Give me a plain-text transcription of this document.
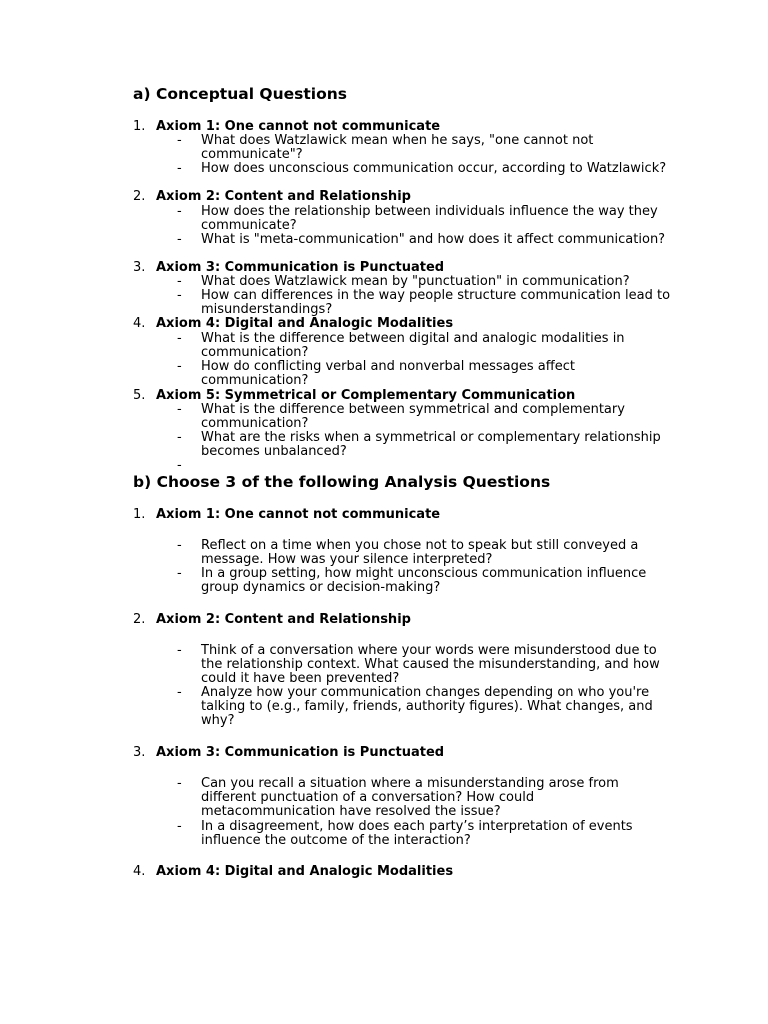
a) Conceptual Questions
1. Axiom 1: One cannot not communicate
- What does Watzlawick mean when he says, "one cannot not communicate"?
- How does unconscious communication occur, according to Watzlawick?
2. Axiom 2: Content and Relationship
- How does the relationship between individuals influence the way they communicate?
- What is "meta-communication" and how does it affect communication?
3. Axiom 3: Communication is Punctuated
- What does Watzlawick mean by "punctuation" in communication?
- How can differences in the way people structure communication lead to misunderstandings?
4. Axiom 4: Digital and Analogic Modalities
- What is the difference between digital and analogic modalities in communication?
- How do conflicting verbal and nonverbal messages affect communication?
5. Axiom 5: Symmetrical or Complementary Communication
- What is the difference between symmetrical and complementary communication?
- What are the risks when a symmetrical or complementary relationship becomes unbalanced?
-
b) Choose 3 of the following Analysis Questions
1. Axiom 1: One cannot not communicate
- Reflect on a time when you chose not to speak but still conveyed a message. How was your silence interpreted?
- In a group setting, how might unconscious communication influence group dynamics or decision-making?
2. Axiom 2: Content and Relationship
- Think of a conversation where your words were misunderstood due to the relationship context. What caused the misunderstanding, and how could it have been prevented?
- Analyze how your communication changes depending on who you're talking to (e.g., family, friends, authority figures). What changes, and why?
3. Axiom 3: Communication is Punctuated
- Can you recall a situation where a misunderstanding arose from different punctuation of a conversation? How could metacommunication have resolved the issue?
- In a disagreement, how does each party’s interpretation of events influence the outcome of the interaction?
4. Axiom 4: Digital and Analogic Modalities
